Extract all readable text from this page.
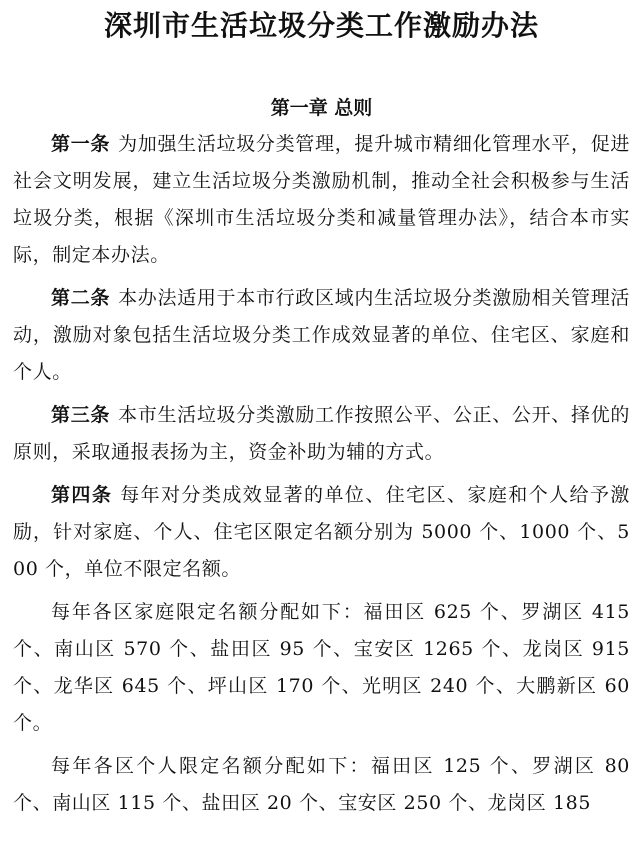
深圳市生活垃圾分类工作激励办法
第一章 总则

第一条 为加强生活垃圾分类管理，提升城市精细化管理水平，促进社会文明发展，建立生活垃圾分类激励机制，推动全社会积极参与生活垃圾分类，根据《深圳市生活垃圾分类和减量管理办法》，结合本市实际，制定本办法。

第二条 本办法适用于本市行政区域内生活垃圾分类激励相关管理活动，激励对象包括生活垃圾分类工作成效显著的单位、住宅区、家庭和个人。

第三条 本市生活垃圾分类激励工作按照公平、公正、公开、择优的原则，采取通报表扬为主，资金补助为辅的方式。

第四条 每年对分类成效显著的单位、住宅区、家庭和个人给予激励，针对家庭、个人、住宅区限定名额分别为 5000 个、1000 个、500 个，单位不限定名额。

每年各区家庭限定名额分配如下：福田区 625 个、罗湖区 415 个、南山区 570 个、盐田区 95 个、宝安区 1265 个、龙岗区 915 个、龙华区 645 个、坪山区 170 个、光明区 240 个、大鹏新区 60 个。

每年各区个人限定名额分配如下：福田区 125 个、罗湖区 80 个、南山区 115 个、盐田区 20 个、宝安区 250 个、龙岗区 185
